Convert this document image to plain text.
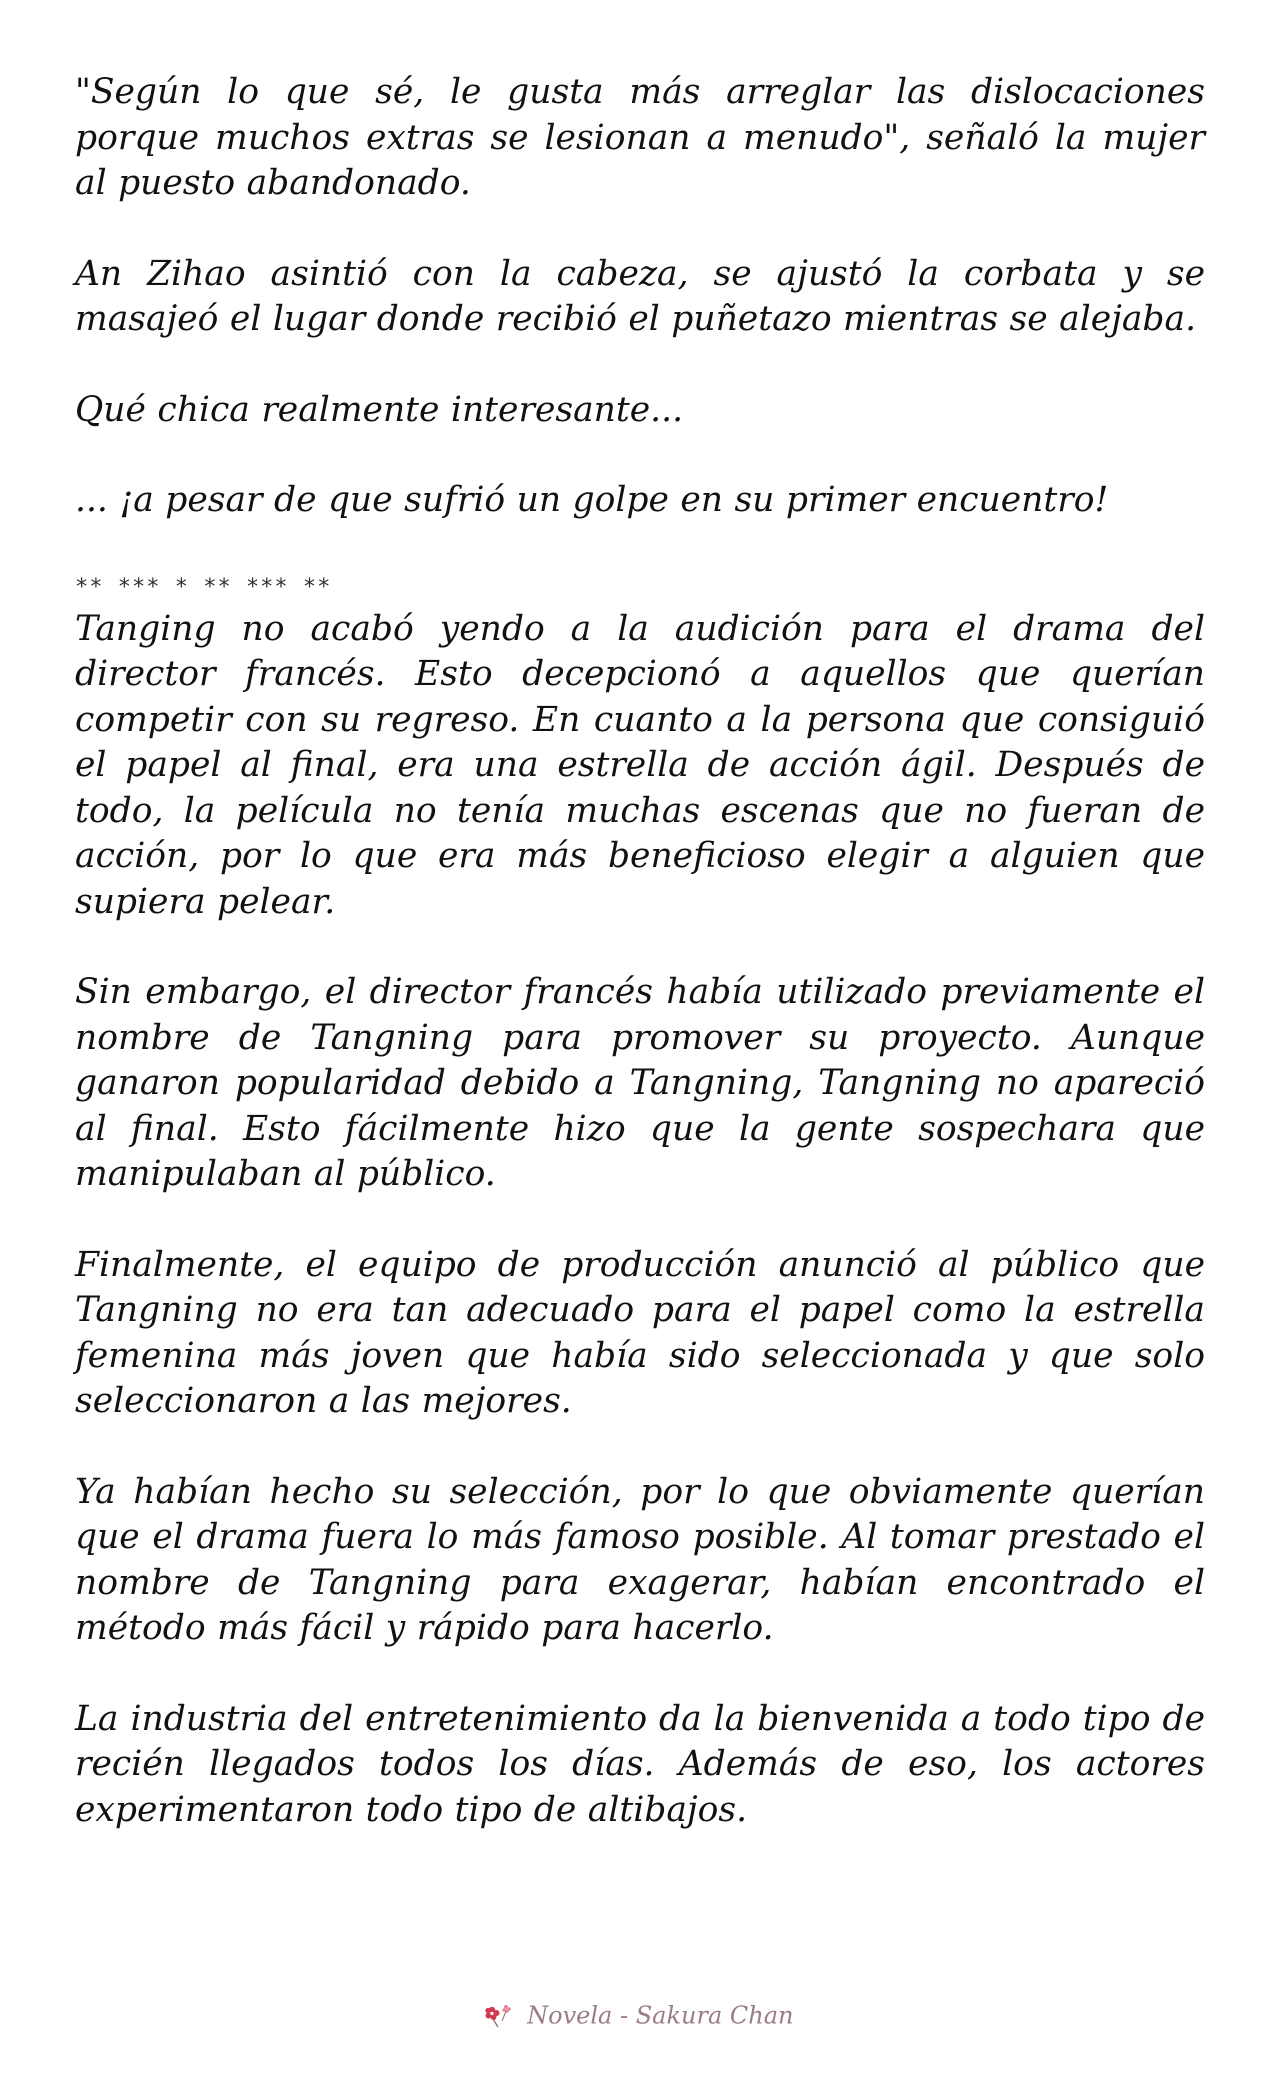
"Según lo que sé, le gusta más arreglar las dislocaciones porque muchos extras se lesionan a menudo", señaló la mujer al puesto abandonado.

An Zihao asintió con la cabeza, se ajustó la corbata y se masajeó el lugar donde recibió el puñetazo mientras se alejaba.

Qué chica realmente interesante...

... ¡a pesar de que sufrió un golpe en su primer encuentro!

** *** * ** *** **

Tanging no acabó yendo a la audición para el drama del director francés. Esto decepcionó a aquellos que querían competir con su regreso. En cuanto a la persona que consiguió el papel al final, era una estrella de acción ágil. Después de todo, la película no tenía muchas escenas que no fueran de acción, por lo que era más beneficioso elegir a alguien que supiera pelear.

Sin embargo, el director francés había utilizado previamente el nombre de Tangning para promover su proyecto. Aunque ganaron popularidad debido a Tangning, Tangning no apareció al final. Esto fácilmente hizo que la gente sospechara que manipulaban al público.

Finalmente, el equipo de producción anunció al público que Tangning no era tan adecuado para el papel como la estrella femenina más joven que había sido seleccionada y que solo seleccionaron a las mejores.

Ya habían hecho su selección, por lo que obviamente querían que el drama fuera lo más famoso posible. Al tomar prestado el nombre de Tangning para exagerar, habían encontrado el método más fácil y rápido para hacerlo.

La industria del entretenimiento da la bienvenida a todo tipo de recién llegados todos los días. Además de eso, los actores experimentaron todo tipo de altibajos.

Novela - Sakura Chan
